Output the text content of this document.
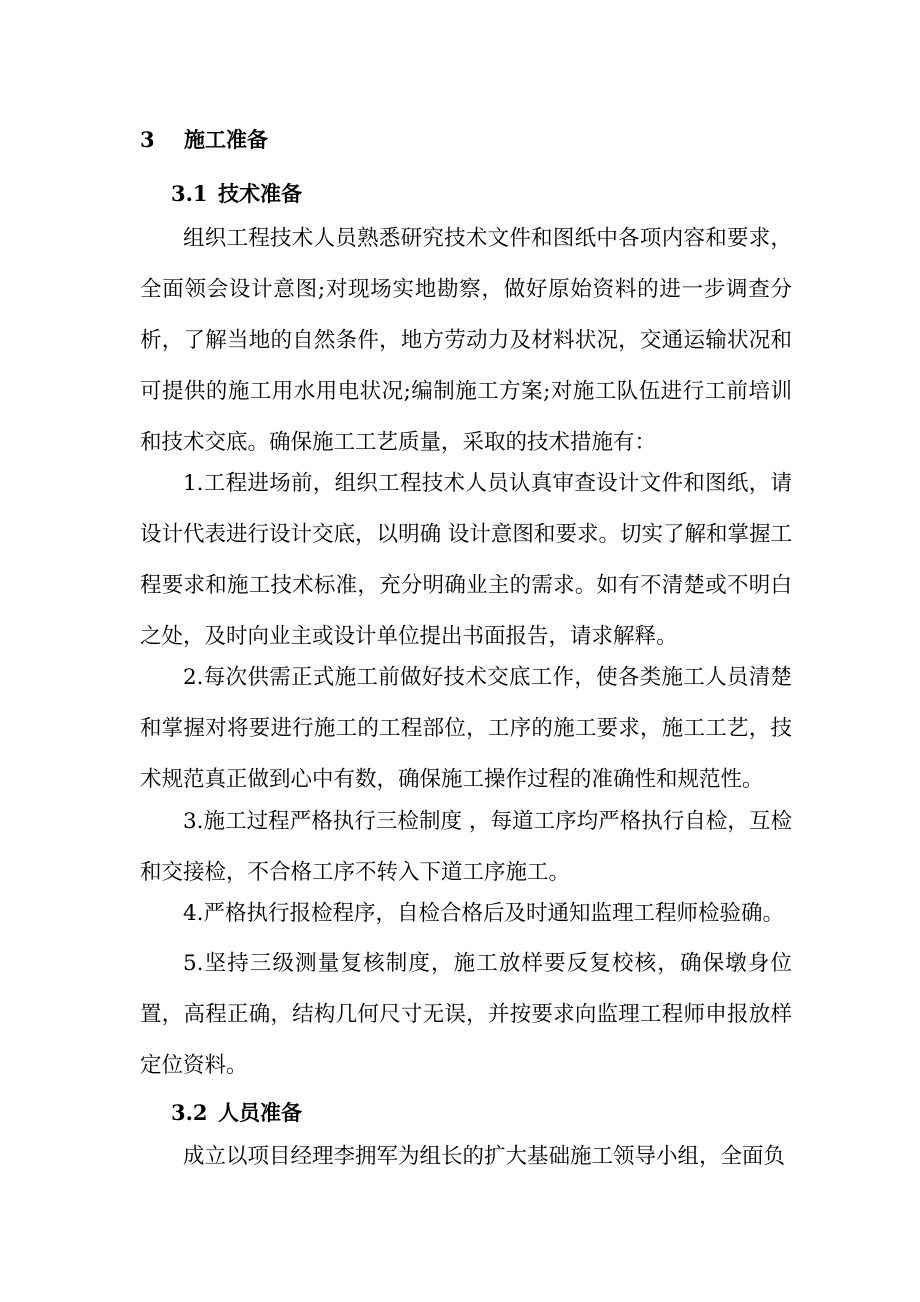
3 施工准备
3.1 技术准备

组织工程技术人员熟悉研究技术文件和图纸中各项内容和要求，全面领会设计意图;对现场实地勘察，做好原始资料的进一步调查分析，了解当地的自然条件，地方劳动力及材料状况，交通运输状况和可提供的施工用水用电状况;编制施工方案;对施工队伍进行工前培训和技术交底。确保施工工艺质量，采取的技术措施有：

1.工程进场前，组织工程技术人员认真审查设计文件和图纸，请设计代表进行设计交底，以明确 设计意图和要求。切实了解和掌握工程要求和施工技术标准，充分明确业主的需求。如有不清楚或不明白之处，及时向业主或设计单位提出书面报告，请求解释。

2.每次供需正式施工前做好技术交底工作，使各类施工人员清楚和掌握对将要进行施工的工程部位，工序的施工要求，施工工艺，技术规范真正做到心中有数，确保施工操作过程的准确性和规范性。

3.施工过程严格执行三检制度 ，每道工序均严格执行自检，互检和交接检，不合格工序不转入下道工序施工。

4.严格执行报检程序，自检合格后及时通知监理工程师检验确。

5.坚持三级测量复核制度，施工放样要反复校核，确保墩身位置，高程正确，结构几何尺寸无误，并按要求向监理工程师申报放样定位资料。

3.2 人员准备

成立以项目经理李拥军为组长的扩大基础施工领导小组，全面负
